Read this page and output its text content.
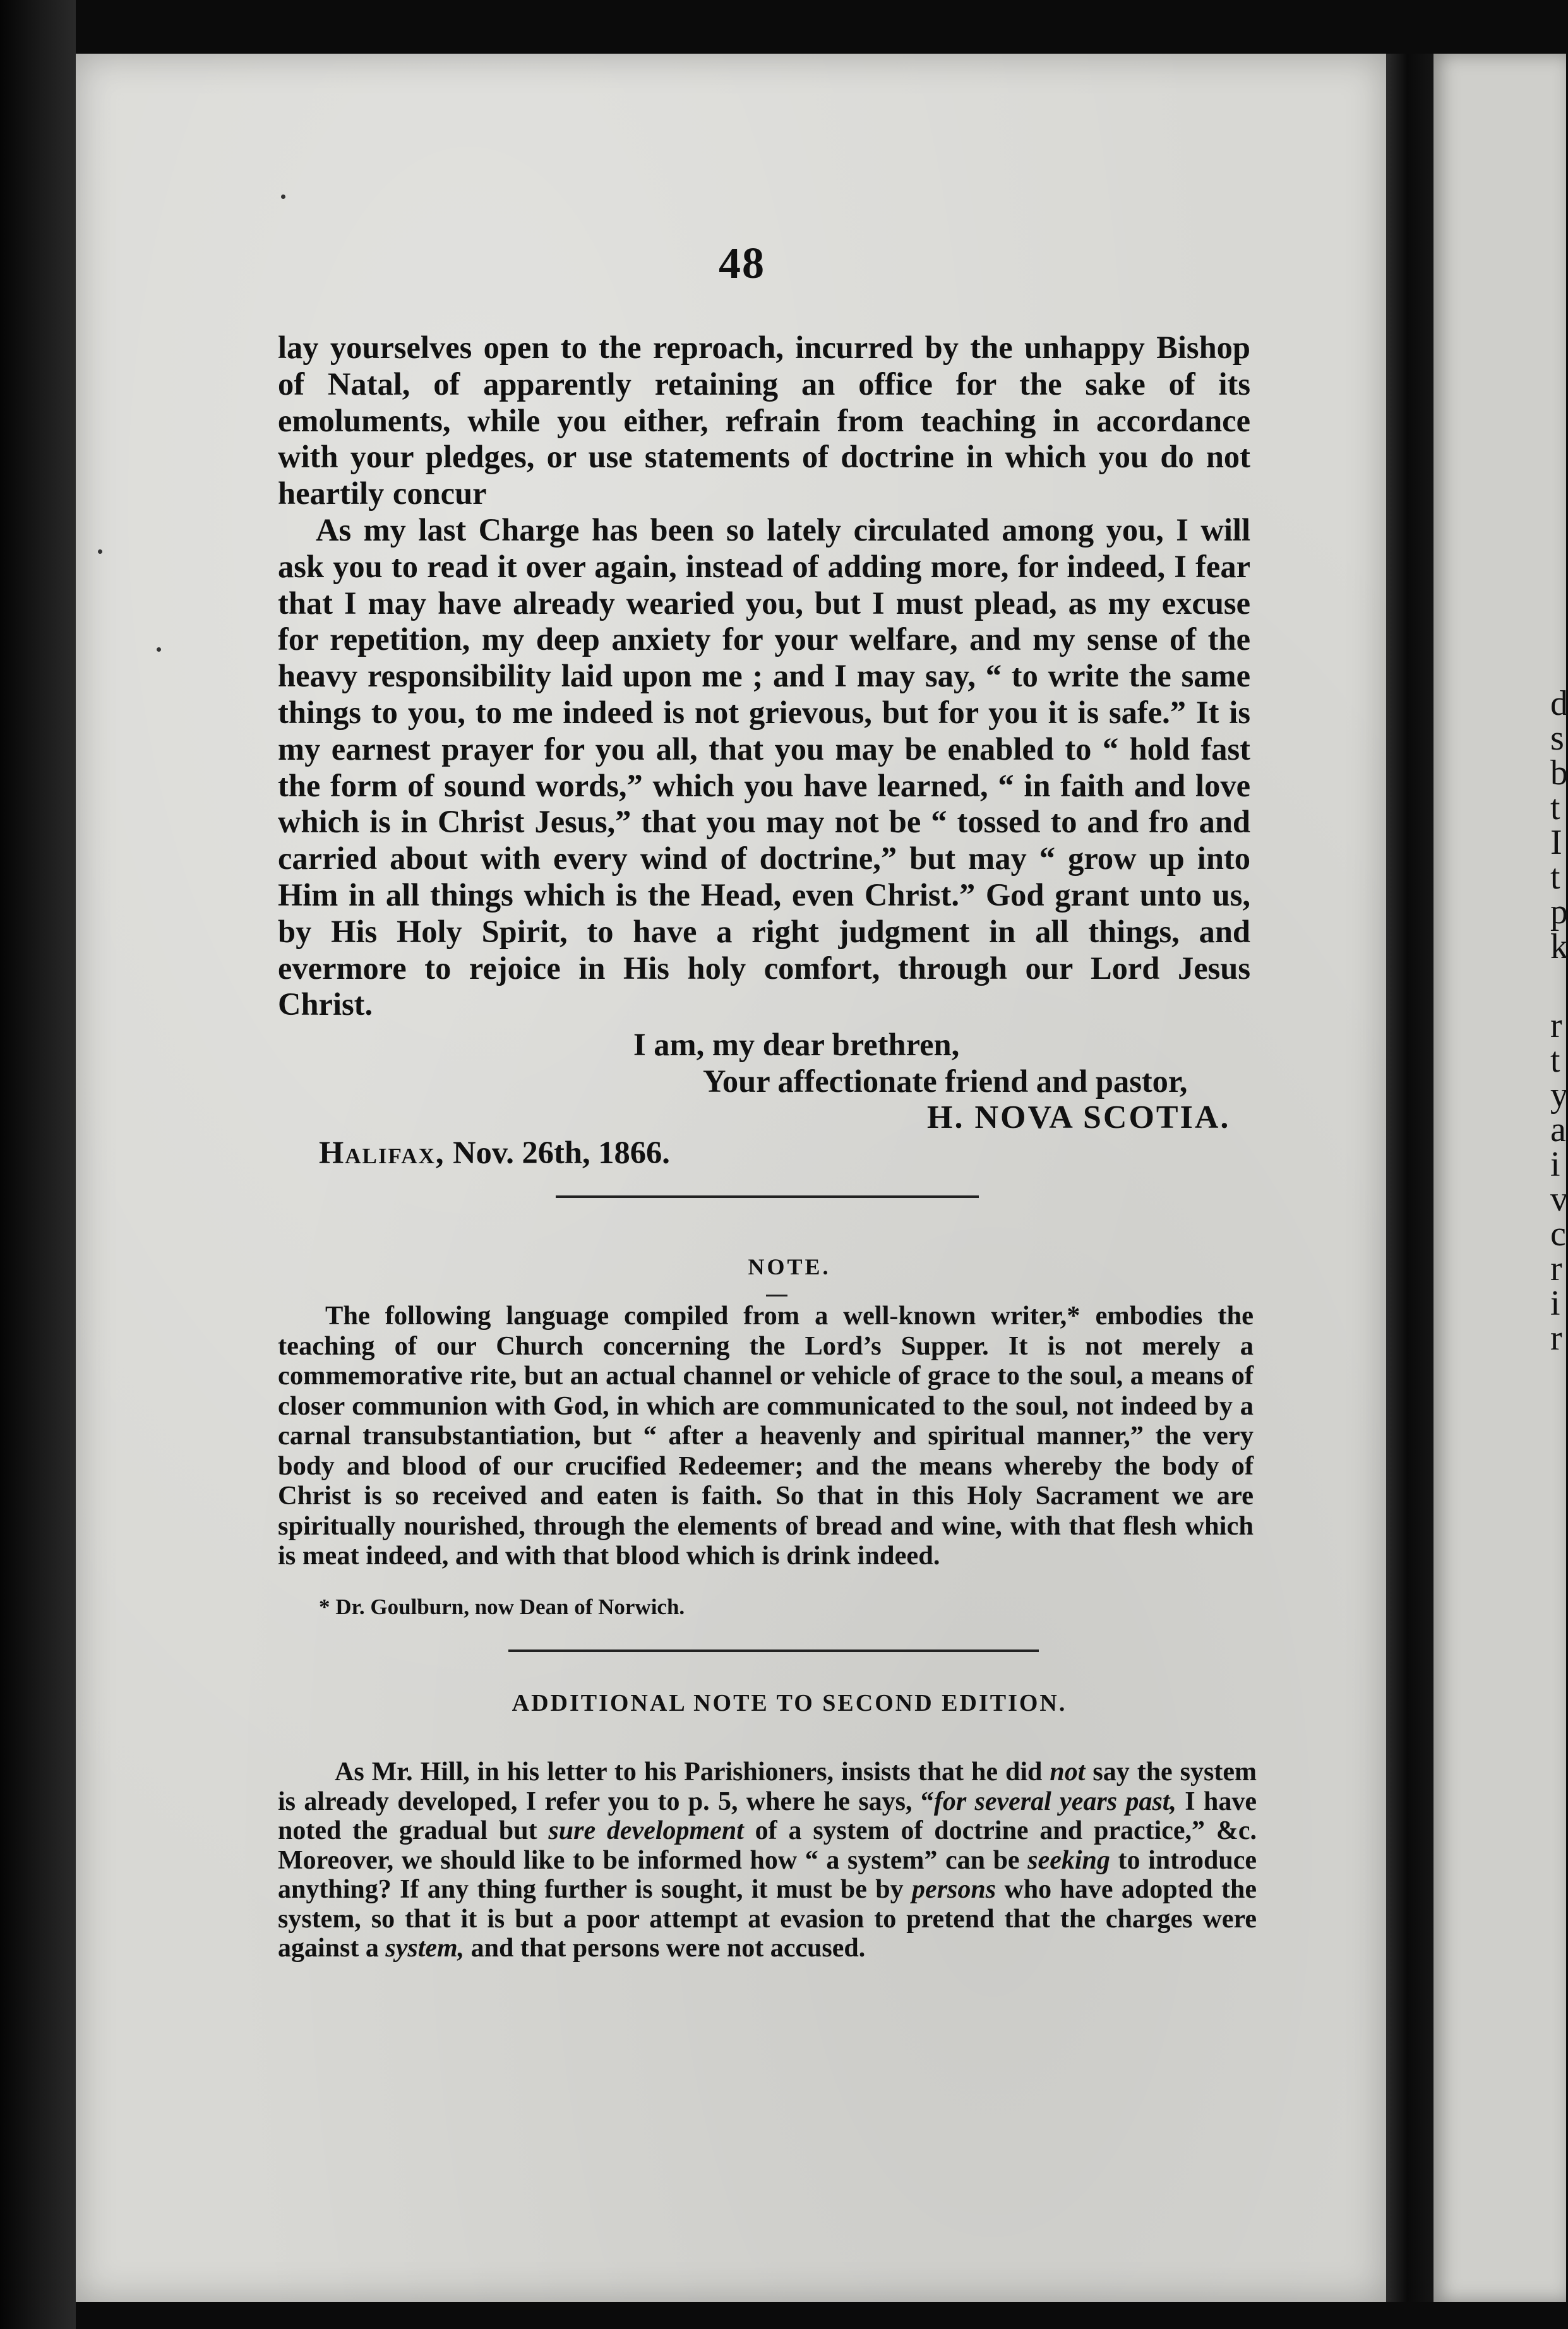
d
s
b
t
I
t
p
k
r
t
y
a
i
v
c
r
i
r
48

lay yourselves open to the reproach, incurred by the unhappy Bishop of Natal, of apparently retaining an office for the sake of its emoluments, while you either, refrain from teaching in accordance with your pledges, or use statements of doctrine in which you do not heartily concur

As my last Charge has been so lately circulated among you, I will ask you to read it over again, instead of adding more, for indeed, I fear that I may have already wearied you, but I must plead, as my excuse for repetition, my deep anxiety for your welfare, and my sense of the heavy responsibility laid upon me ; and I may say, “ to write the same things to you, to me indeed is not grievous, but for you it is safe.” It is my earnest prayer for you all, that you may be enabled to “ hold fast the form of sound words,” which you have learned, “ in faith and love which is in Christ Jesus,” that you may not be “ tossed to and fro and carried about with every wind of doctrine,” but may “ grow up into Him in all things which is the Head, even Christ.” God grant unto us, by His Holy Spirit, to have a right judgment in all things, and evermore to rejoice in His holy comfort, through our Lord Jesus Christ.

I am, my dear brethren,
Your affectionate friend and pastor,
H. NOVA SCOTIA.
Halifax, Nov. 26th, 1866.
NOTE.

The following language compiled from a well-known writer,* embodies the teaching of our Church concerning the Lord’s Supper. It is not merely a commemorative rite, but an actual channel or vehicle of grace to the soul, a means of closer communion with God, in which are communicated to the soul, not indeed by a carnal transubstantiation, but “ after a heavenly and spiritual manner,” the very body and blood of our crucified Redeemer; and the means whereby the body of Christ is so received and eaten is faith. So that in this Holy Sacrament we are spiritually nourished, through the elements of bread and wine, with that flesh which is meat indeed, and with that blood which is drink indeed.

* Dr. Goulburn, now Dean of Norwich.
ADDITIONAL NOTE TO SECOND EDITION.

As Mr. Hill, in his letter to his Parishioners, insists that he did not say the system is already developed, I refer you to p. 5, where he says, “for several years past, I have noted the gradual but sure development of a system of doctrine and practice,” &c. Moreover, we should like to be informed how “ a system” can be seeking to introduce anything? If any thing further is sought, it must be by persons who have adopted the system, so that it is but a poor attempt at evasion to pretend that the charges were against a system, and that persons were not accused.
